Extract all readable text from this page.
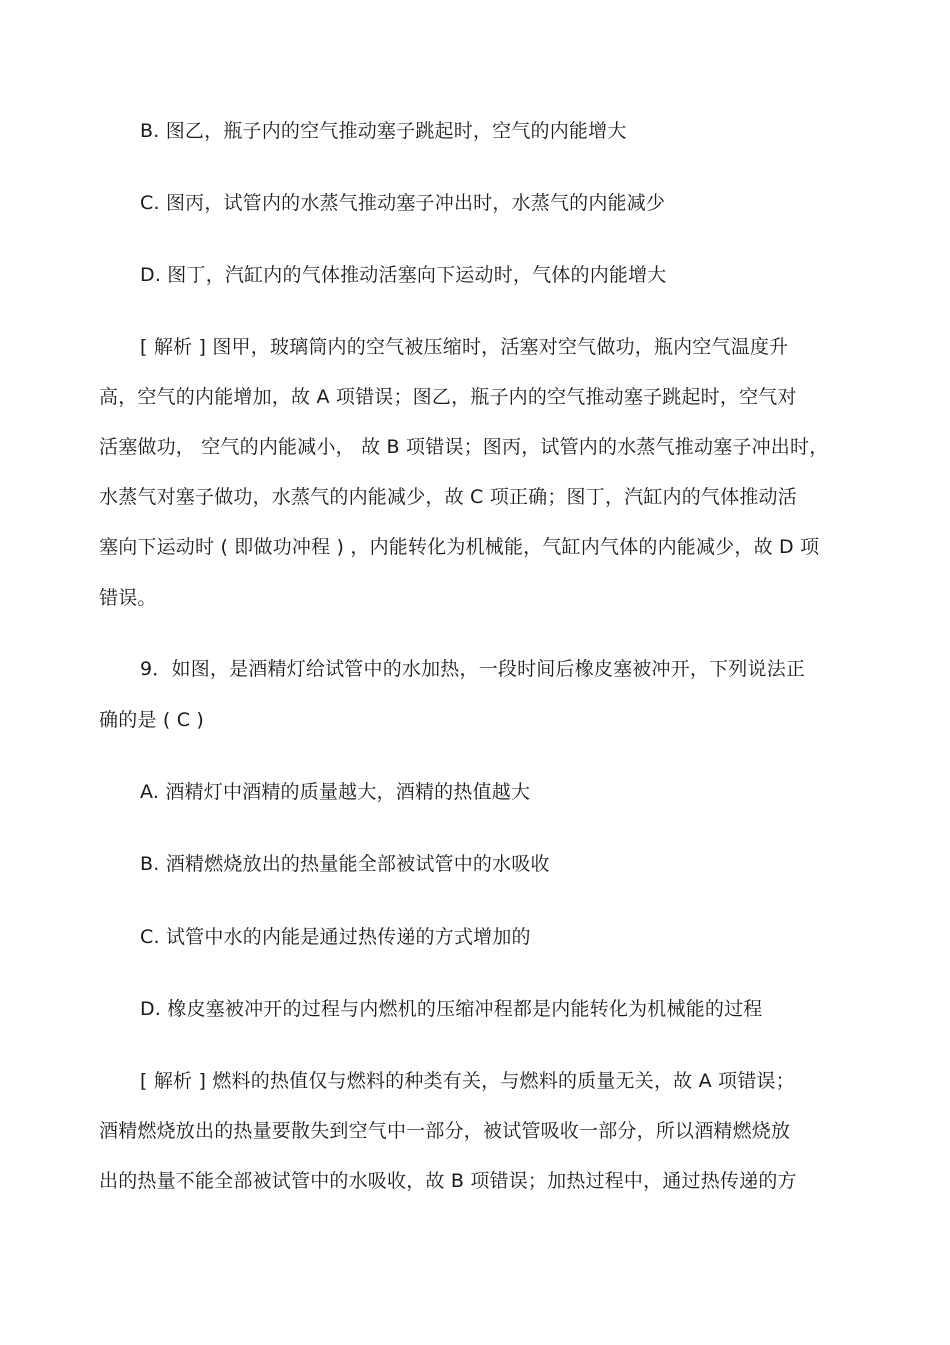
B. 图乙，瓶子内的空气推动塞子跳起时，空气的内能增大
C. 图丙，试管内的水蒸气推动塞子冲出时，水蒸气的内能减少
D. 图丁，汽缸内的气体推动活塞向下运动时，气体的内能增大
[ 解析 ] 图甲，玻璃筒内的空气被压缩时，活塞对空气做功，瓶内空气温度升
高，空气的内能增加，故 A 项错误；图乙，瓶子内的空气推动塞子跳起时，空气对
活塞做功， 空气的内能减小， 故 B 项错误；图丙，试管内的水蒸气推动塞子冲出时，
水蒸气对塞子做功，水蒸气的内能减少，故 C 项正确；图丁，汽缸内的气体推动活
塞向下运动时 ( 即做功冲程 ) ，内能转化为机械能，气缸内气体的内能减少，故 D 项
错误。
9．如图，是酒精灯给试管中的水加热，一段时间后橡皮塞被冲开，下列说法正
确的是 ( C )
A. 酒精灯中酒精的质量越大，酒精的热值越大
B. 酒精燃烧放出的热量能全部被试管中的水吸收
C. 试管中水的内能是通过热传递的方式增加的
D. 橡皮塞被冲开的过程与内燃机的压缩冲程都是内能转化为机械能的过程
[ 解析 ] 燃料的热值仅与燃料的种类有关，与燃料的质量无关，故 A 项错误；
酒精燃烧放出的热量要散失到空气中一部分，被试管吸收一部分，所以酒精燃烧放
出的热量不能全部被试管中的水吸收，故 B 项错误；加热过程中，通过热传递的方
